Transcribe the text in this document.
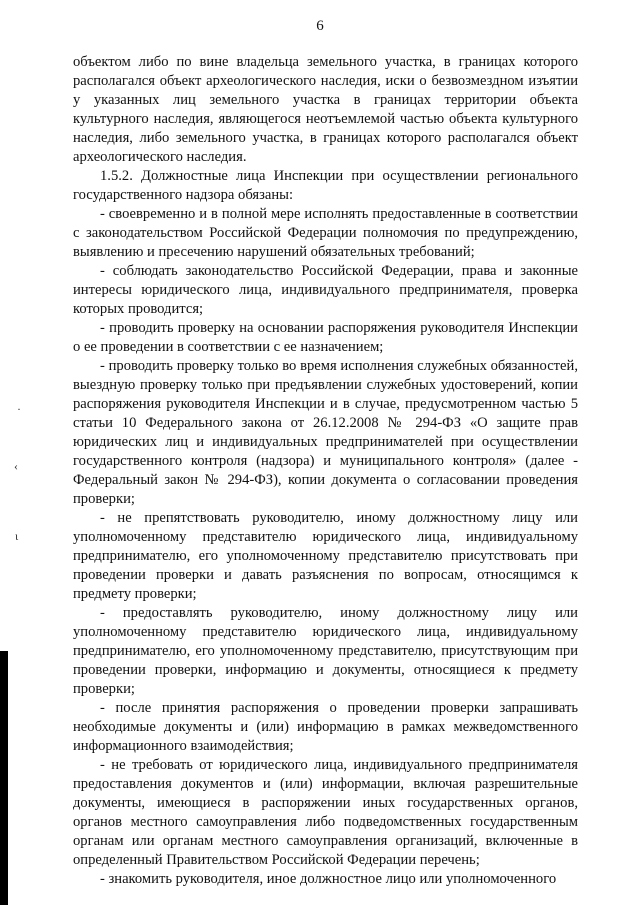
6

объектом либо по вине владельца земельного участка, в границах которого располагался объект археологического наследия, иски о безвозмездном изъятии у указанных лиц земельного участка в границах территории объекта культурного наследия, являющегося неотъемлемой частью объекта культурного наследия, либо земельного участка, в границах которого располагался объект археологического наследия.

1.5.2. Должностные лица Инспекции при осуществлении регионального государственного надзора обязаны:

- своевременно и в полной мере исполнять предоставленные в соответствии с законодательством Российской Федерации полномочия по предупреждению, выявлению и пресечению нарушений обязательных требований;

- соблюдать законодательство Российской Федерации, права и законные интересы юридического лица, индивидуального предпринимателя, проверка которых проводится;

- проводить проверку на основании распоряжения руководителя Инспекции о ее проведении в соответствии с ее назначением;

- проводить проверку только во время исполнения служебных обязанностей, выездную проверку только при предъявлении служебных удостоверений, копии распоряжения руководителя Инспекции и в случае, предусмотренном частью 5 статьи 10 Федерального закона от 26.12.2008 № 294-ФЗ «О защите прав юридических лиц и индивидуальных предпринимателей при осуществлении государственного контроля (надзора) и муниципального контроля» (далее - Федеральный закон № 294-ФЗ), копии документа о согласовании проведения проверки;

- не препятствовать руководителю, иному должностному лицу или уполномоченному представителю юридического лица, индивидуальному предпринимателю, его уполномоченному представителю присутствовать при проведении проверки и давать разъяснения по вопросам, относящимся к предмету проверки;

- предоставлять руководителю, иному должностному лицу или уполномоченному представителю юридического лица, индивидуальному предпринимателю, его уполномоченному представителю, присутствующим при проведении проверки, информацию и документы, относящиеся к предмету проверки;

- после принятия распоряжения о проведении проверки запрашивать необходимые документы и (или) информацию в рамках межведомственного информационного взаимодействия;

- не требовать от юридического лица, индивидуального предпринимателя предоставления документов и (или) информации, включая разрешительные документы, имеющиеся в распоряжении иных государственных органов, органов местного самоуправления либо подведомственных государственным органам или органам местного самоуправления организаций, включенные в определенный Правительством Российской Федерации перечень;

- знакомить руководителя, иное должностное лицо или уполномоченного

·
‹
ι
